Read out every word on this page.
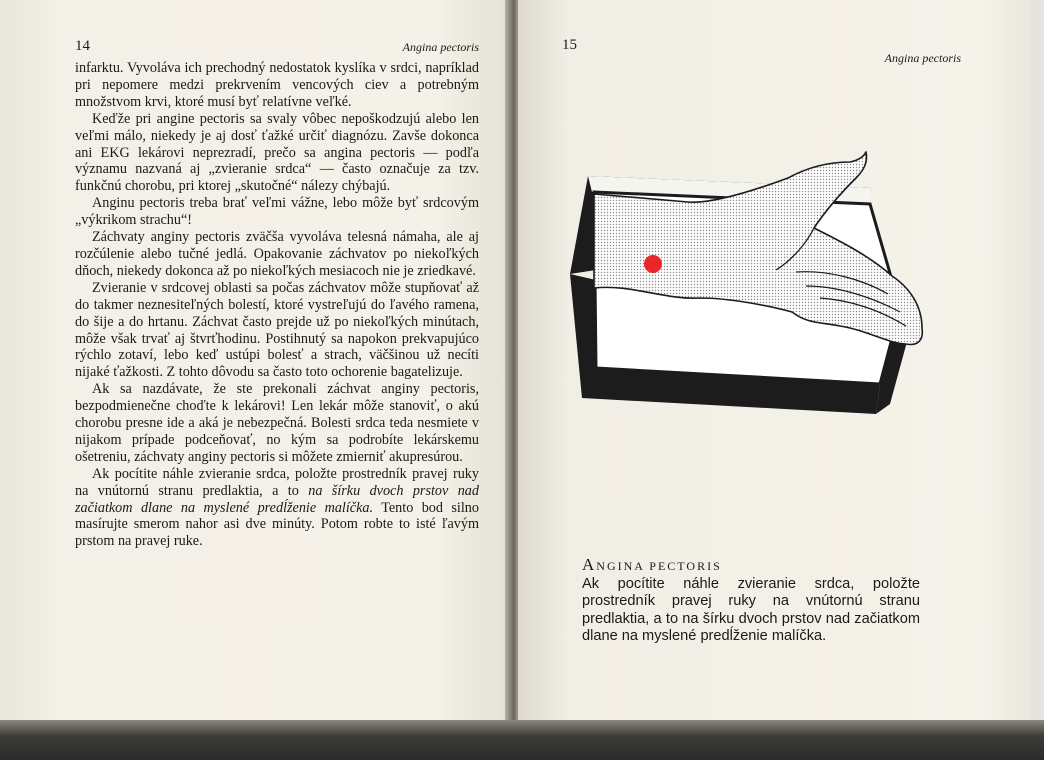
14	Angina pectoris

infarktu. Vyvoláva ich prechodný nedostatok kyslíka v srdci, napríklad pri nepomere medzi prekrvením vencových ciev a potrebným množstvom krvi, ktoré musí byť relatívne veľké.

Keďže pri angine pectoris sa svaly vôbec nepoškodzujú alebo len veľmi málo, niekedy je aj dosť ťažké určiť diagnózu. Zavše dokonca ani EKG lekárovi neprezradí, prečo sa angina pectoris — podľa významu nazvaná aj „zvieranie srdca“ — často označuje za tzv. funkčnú chorobu, pri ktorej „skutočné“ nálezy chýbajú.

Anginu pectoris treba brať veľmi vážne, lebo môže byť srdcovým „výkrikom strachu“!

Záchvaty anginy pectoris zväčša vyvoláva telesná námaha, ale aj rozčúlenie alebo tučné jedlá. Opakovanie záchvatov po niekoľkých dňoch, niekedy dokonca až po niekoľkých mesiacoch nie je zriedkavé.

Zvieranie v srdcovej oblasti sa počas záchvatov môže stupňovať až do takmer neznesiteľných bolestí, ktoré vystreľujú do ľavého ramena, do šije a do hrtanu. Záchvat často prejde už po niekoľkých minútach, môže však trvať aj štvrťhodinu. Postihnutý sa napokon prekvapujúco rýchlo zotaví, lebo keď ustúpi bolesť a strach, väčšinou už necíti nijaké ťažkosti. Z tohto dôvodu sa často toto ochorenie bagatelizuje.

Ak sa nazdávate, že ste prekonali záchvat anginy pectoris, bezpodmienečne choďte k lekárovi! Len lekár môže stanoviť, o akú chorobu presne ide a aká je nebezpečná. Bolesti srdca teda nesmiete v nijakom prípade podceňovať, no kým sa podrobíte lekárskemu ošetreniu, záchvaty anginy pectoris si môžete zmierniť akupresúrou.

Ak pocítite náhle zvieranie srdca, položte prostredník pravej ruky na vnútornú stranu predlaktia, a to na šírku dvoch prstov nad začiatkom dlane na myslené predĺženie malíčka. Tento bod silno masírujte smerom nahor asi dve minúty. Potom robte to isté ľavým prstom na pravej ruke.

15
Angina pectoris
ANGINA PECTORIS
Ak pocítite náhle zvieranie srdca, položte prostredník pravej ruky na vnútornú stranu predlaktia, a to na šírku dvoch prstov nad začiatkom dlane na myslené predĺženie malíčka.
